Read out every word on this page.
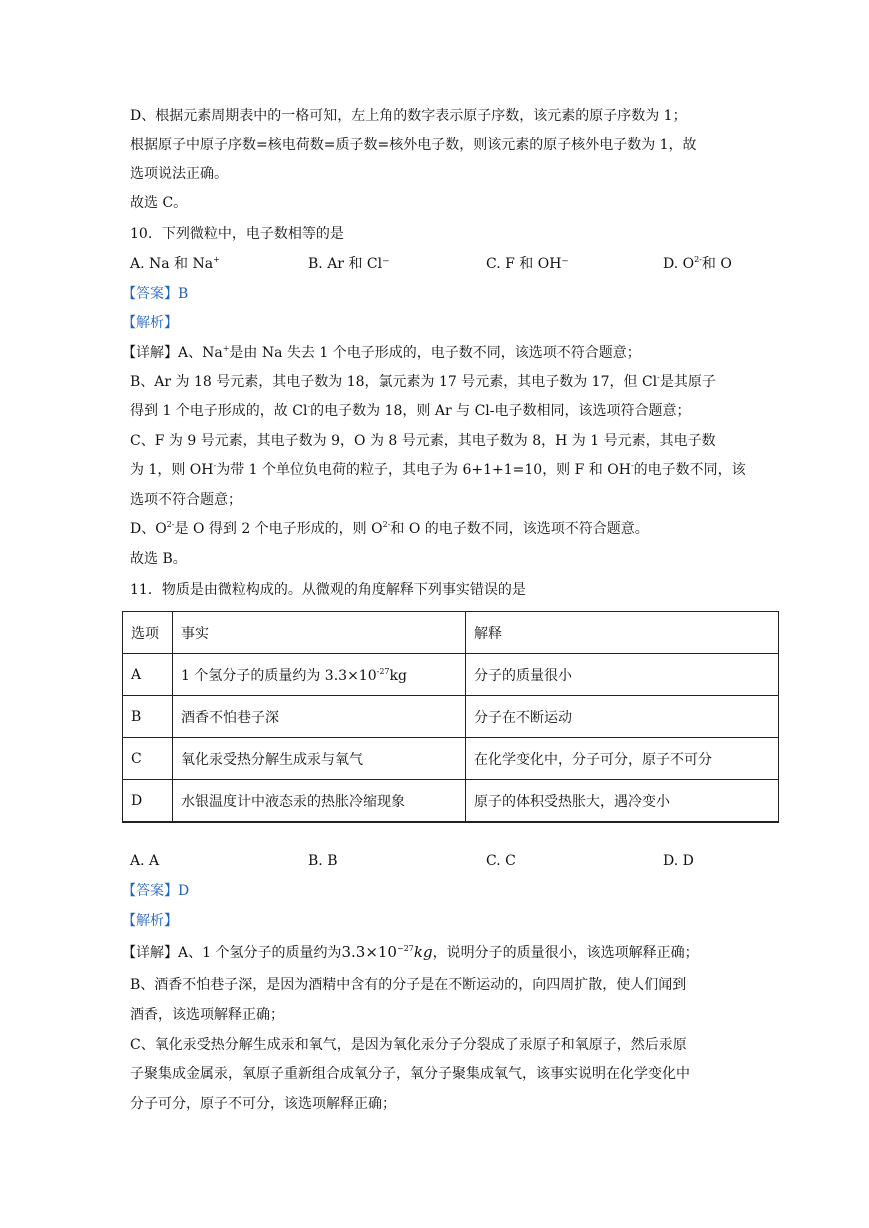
D、根据元素周期表中的一格可知，左上角的数字表示原子序数，该元素的原子序数为 1；
根据原子中原子序数=核电荷数=质子数=核外电子数，则该元素的原子核外电子数为 1，故
选项说法正确。
故选 C。
10．下列微粒中，电子数相等的是
A. Na 和 Na+	B. Ar 和 Cl⁻	C. F 和 OH⁻	D. $O^{2-}$和 O
【答案】B
【解析】
【详解】A、Na+是由 Na 失去 1 个电子形成的，电子数不同，该选项不符合题意；
B、Ar 为 18 号元素，其电子数为 18，氯元素为 17 号元素，其电子数为 17，但 Cl-是其原子
得到 1 个电子形成的，故 Cl-的电子数为 18，则 Ar 与 Cl-电子数相同，该选项符合题意；
C、F 为 9 号元素，其电子数为 9，O 为 8 号元素，其电子数为 8，H 为 1 号元素，其电子数
为 1，则 OH-为带 1 个单位负电荷的粒子，其电子为 6+1+1=10，则 F 和 OH-的电子数不同，该
选项不符合题意；
D、$O^{2-}$是 O 得到 2 个电子形成的，则 $O^{2-}$和 O 的电子数不同，该选项不符合题意。
故选 B。
11．物质是由微粒构成的。从微观的角度解释下列事实错误的是
选项	事实	解释
A	1 个氢分子的质量约为 $3.3\times 10^{-27}kg$	分子的质量很小
B	酒香不怕巷子深	分子在不断运动
C	氧化汞受热分解生成汞与氧气	在化学变化中，分子可分，原子不可分
D	水银温度计中液态汞的热胀冷缩现象	原子的体积受热胀大，遇冷变小
A. A	B. B	C. C	D. D
【答案】D
【解析】
【详解】A、1 个氢分子的质量约为$3.3\times 10^{-27}kg$，说明分子的质量很小，该选项解释正确；
B、酒香不怕巷子深，是因为酒精中含有的分子是在不断运动的，向四周扩散，使人们闻到
酒香，该选项解释正确；
C、氧化汞受热分解生成汞和氧气，是因为氧化汞分子分裂成了汞原子和氧原子，然后汞原
子聚集成金属汞，氧原子重新组合成氧分子，氧分子聚集成氧气，该事实说明在化学变化中
分子可分，原子不可分，该选项解释正确；
